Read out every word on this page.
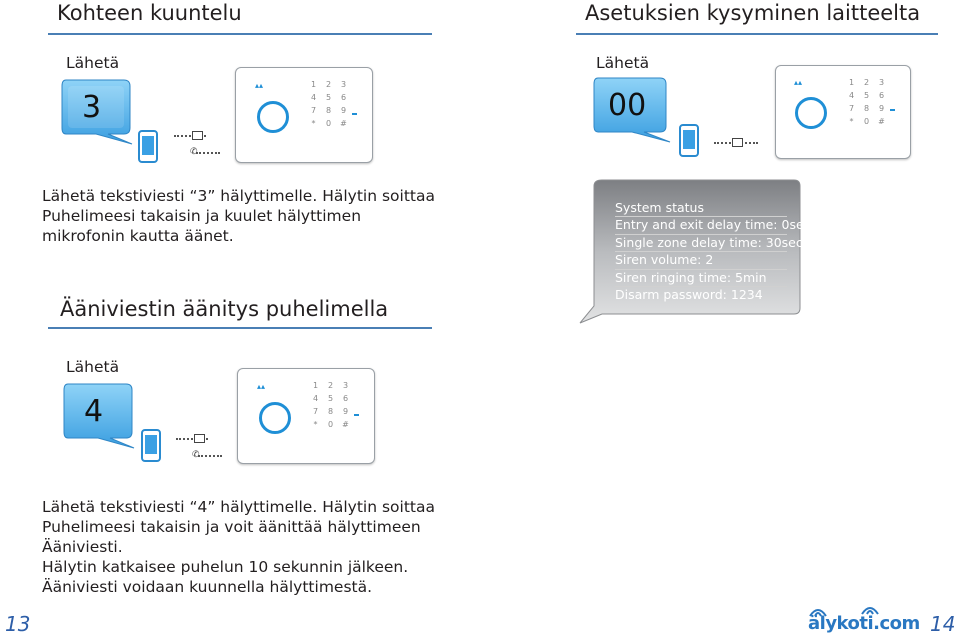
Kohteen kuuntelu
Lähetä
3
✆
▴▴	1	2	3
4	5	6
7	8	9
*	0	#
Lähetä tekstiviesti “3” hälyttimelle. Hälytin soittaa
Puhelimeesi takaisin ja kuulet hälyttimen
mikrofonin kautta äänet.
Ääniviestin äänitys puhelimella
Lähetä
4
✆
▴▴	1	2	3
4	5	6
7	8	9
*	0	#
Lähetä tekstiviesti “4” hälyttimelle. Hälytin soittaa
Puhelimeesi takaisin ja voit äänittää hälyttimeen
Ääniviesti.
Hälytin katkaisee puhelun 10 sekunnin jälkeen.
Ääniviesti voidaan kuunnella hälyttimestä.
Asetuksien kysyminen laitteelta
Lähetä
00
▴▴	1	2	3
4	5	6
7	8	9
*	0	#
System status
Entry and exit delay time: 0sec
Single zone delay time: 30sec
Siren volume: 2
Siren ringing time: 5min
Disarm password: 1234
13	älykoti.com 14
